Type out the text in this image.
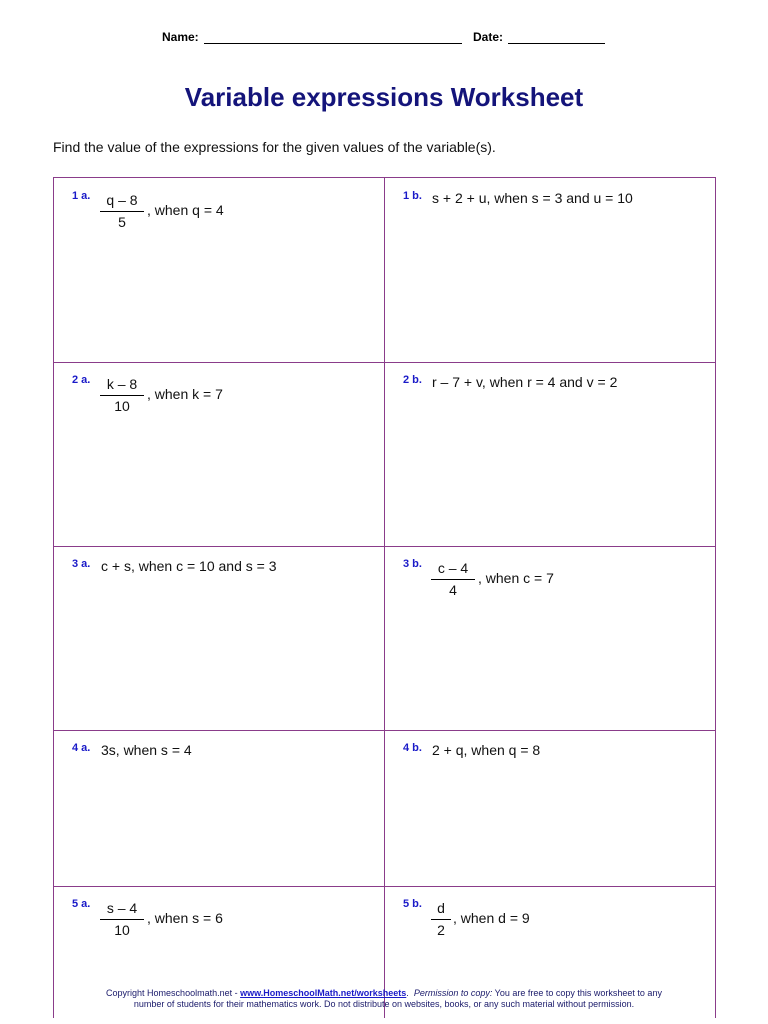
Name:	Date:
Variable expressions Worksheet
Find the value of the expressions for the given values of the variable(s).
1 a.	q – 8
5
, when q = 4
1 b. s + 2 + u, when s = 3 and u = 10
2 a.	k – 8
10
, when k = 7
2 b. r – 7 + v, when r = 4 and v = 2
3 a. c + s, when c = 10 and s = 3	3 b.	c – 4
4
, when c = 7
4 a. 3s, when s = 4	4 b. 2 + q, when q = 8
5 a.	s – 4
10
, when s = 6
5 b.	d
2
, when d = 9
Copyright Homeschoolmath.net - www.HomeschoolMath.net/worksheets.  Permission to copy: You are free to copy this worksheet to any
number of students for their mathematics work. Do not distribute on websites, books, or any such material without permission.
